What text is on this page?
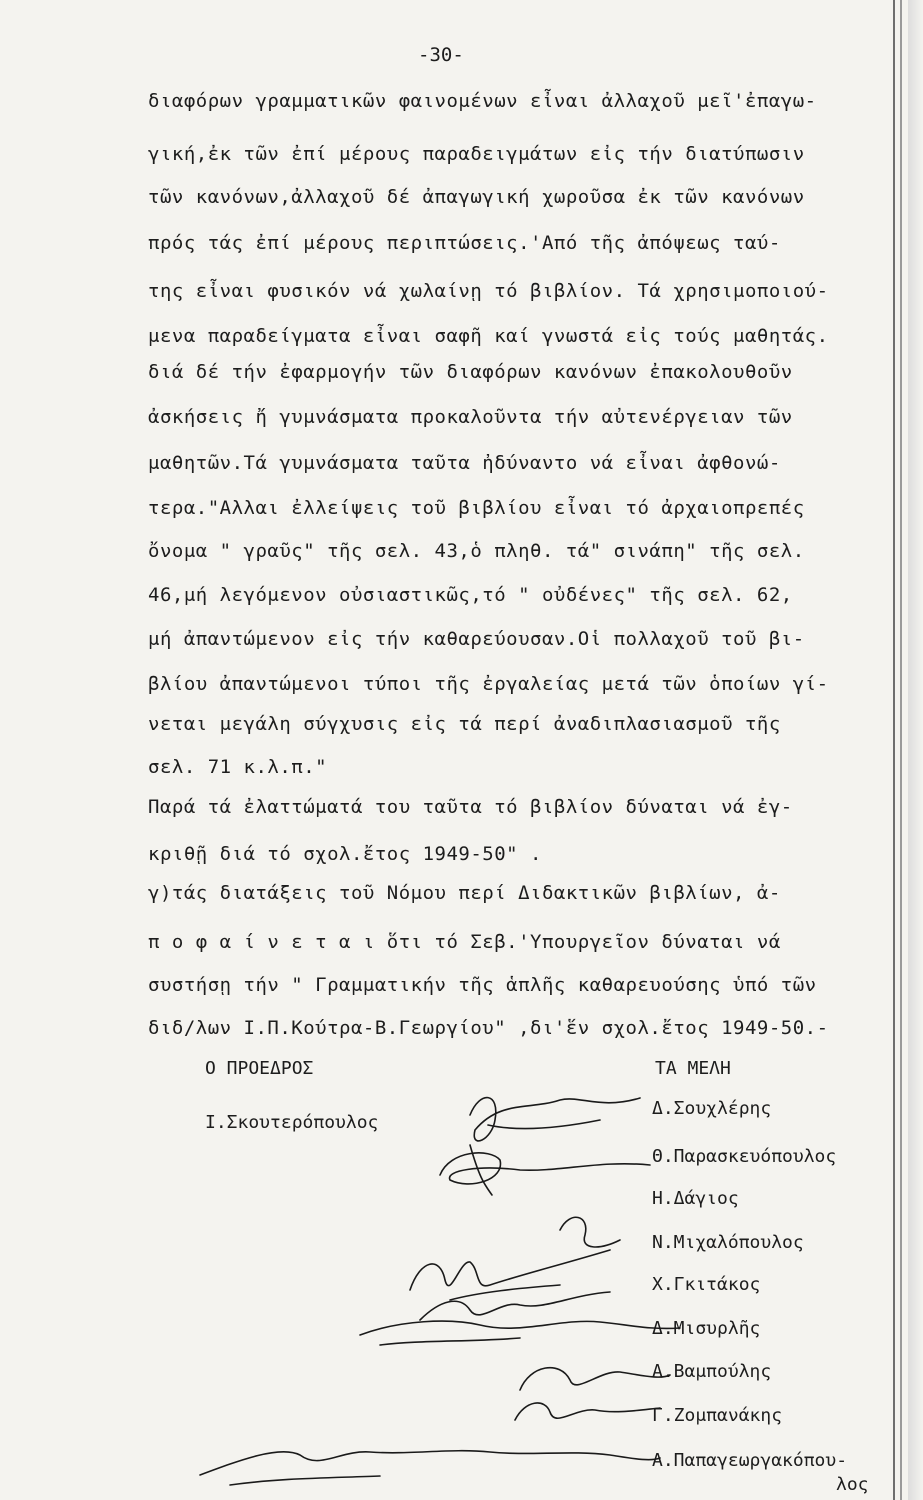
-30-
διαφόρων γραμματικῶν φαινομένων εἶναι ἀλλαχοῦ μεῖ'ἐπαγω-
γική,ἐκ τῶν ἐπί μέρους παραδειγμάτων εἰς τήν διατύπωσιν
τῶν κανόνων,ἀλλαχοῦ δέ ἀπαγωγική χωροῦσα ἐκ τῶν κανόνων
πρός τάς ἐπί μέρους περιπτώσεις.'Από τῆς ἀπόψεως ταύ-
της εἶναι φυσικόν νά χωλαίνῃ τό βιβλίον. Τά χρησιμοποιού-
μενα παραδείγματα εἶναι σαφῆ καί γνωστά εἰς τούς μαθητάς.
διά δέ τήν ἐφαρμογήν τῶν διαφόρων κανόνων ἐπακολουθοῦν
ἀσκήσεις ἤ γυμνάσματα προκαλοῦντα τήν αὐτενέργειαν τῶν
μαθητῶν.Τά γυμνάσματα ταῦτα ἠδύναντο νά εἶναι ἀφθονώ-
τερα."Αλλαι ἐλλείψεις τοῦ βιβλίου εἶναι τό ἀρχαιοπρεπές
ὄνομα " γραῦς" τῆς σελ. 43,ὁ πληθ. τά" σινάπη" τῆς σελ.
46,μή λεγόμενον οὐσιαστικῶς,τό " οὐδένες" τῆς σελ. 62,
μή ἀπαντώμενον εἰς τήν καθαρεύουσαν.Οἱ πολλαχοῦ τοῦ βι-
βλίου ἀπαντώμενοι τύποι τῆς ἐργαλείας μετά τῶν ὁποίων γί-
νεται μεγάλη σύγχυσις εἰς τά περί ἀναδιπλασιασμοῦ τῆς
σελ. 71 κ.λ.π."
Παρά τά ἐλαττώματά του ταῦτα τό βιβλίον δύναται νά ἐγ-
κριθῇ διά τό σχολ.ἔτος 1949-50" .
γ)τάς διατάξεις τοῦ Νόμου περί Διδακτικῶν βιβλίων, ἀ-
π ο φ α ί ν ε τ α ι ὅτι τό Σεβ.'Υπουργεῖον δύναται νά
συστήσῃ τήν " Γραμματικήν τῆς ἁπλῆς καθαρευούσης ὑπό τῶν
διδ/λων Ι.Π.Κούτρα-Β.Γεωργίου" ,δι'ἕν σχολ.ἔτος 1949-50.-
Ο ΠΡΟΕΔΡΟΣ
Ι.Σκουτερόπουλος
ΤΑ ΜΕΛΗ
Δ.Σουχλέρης
Θ.Παρασκευόπουλος
Η.Δάγιος
Ν.Μιχαλόπουλος
Χ.Γκιτάκος
Δ.Μισυρλῆς
Α.Βαμπούλης
Γ.Ζομπανάκης
Α.Παπαγεωργακόπου-
λος
